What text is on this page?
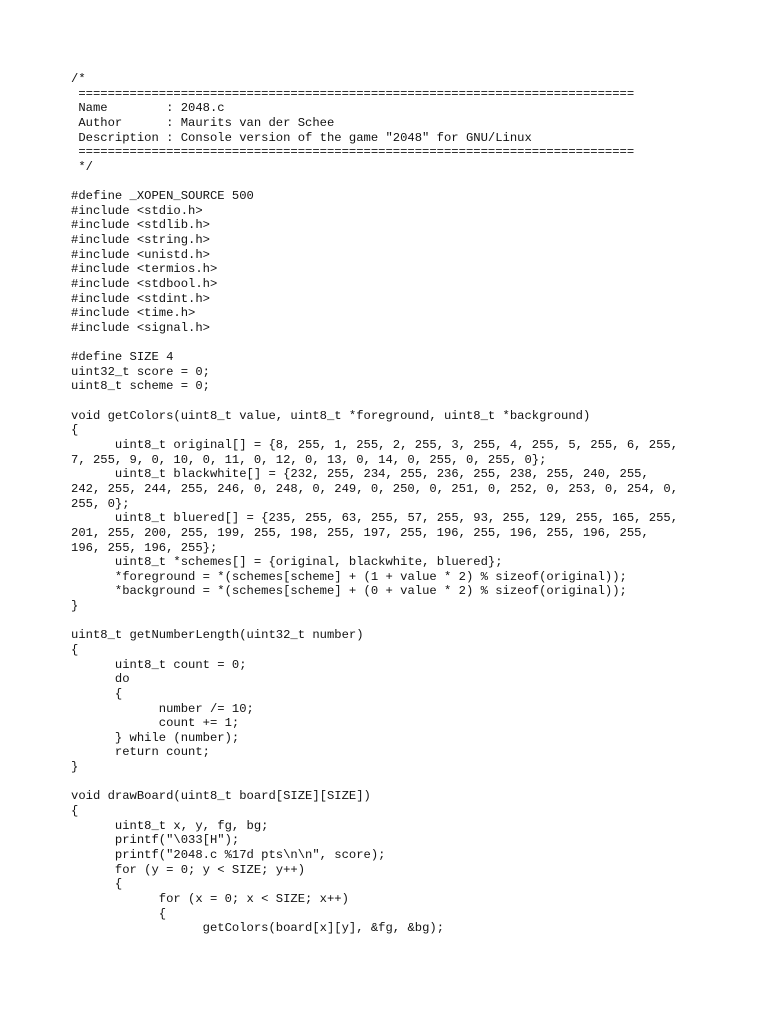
/*
============================================================================
Name        : 2048.c
Author      : Maurits van der Schee
Description : Console version of the game "2048" for GNU/Linux
============================================================================
*/
#define _XOPEN_SOURCE 500
#include <stdio.h>
#include <stdlib.h>
#include <string.h>
#include <unistd.h>
#include <termios.h>
#include <stdbool.h>
#include <stdint.h>
#include <time.h>
#include <signal.h>
#define SIZE 4
uint32_t score = 0;
uint8_t scheme = 0;
void getColors(uint8_t value, uint8_t *foreground, uint8_t *background)
{
	uint8_t original[] = {8, 255, 1, 255, 2, 255, 3, 255, 4, 255, 5, 255, 6, 255,
7, 255, 9, 0, 10, 0, 11, 0, 12, 0, 13, 0, 14, 0, 255, 0, 255, 0};
	uint8_t blackwhite[] = {232, 255, 234, 255, 236, 255, 238, 255, 240, 255,
242, 255, 244, 255, 246, 0, 248, 0, 249, 0, 250, 0, 251, 0, 252, 0, 253, 0, 254, 0,
255, 0};
	uint8_t bluered[] = {235, 255, 63, 255, 57, 255, 93, 255, 129, 255, 165, 255,
201, 255, 200, 255, 199, 255, 198, 255, 197, 255, 196, 255, 196, 255, 196, 255,
196, 255, 196, 255};
	uint8_t *schemes[] = {original, blackwhite, bluered};
	*foreground = *(schemes[scheme] + (1 + value * 2) % sizeof(original));
	*background = *(schemes[scheme] + (0 + value * 2) % sizeof(original));
}
uint8_t getNumberLength(uint32_t number)
{
	uint8_t count = 0;
	do
	{
		number /= 10;
		count += 1;
	} while (number);
	return count;
}
void drawBoard(uint8_t board[SIZE][SIZE])
{
	uint8_t x, y, fg, bg;
	printf("\033[H");
	printf("2048.c %17d pts\n\n", score);
	for (y = 0; y < SIZE; y++)
	{
		for (x = 0; x < SIZE; x++)
		{
			getColors(board[x][y], &fg, &bg);
